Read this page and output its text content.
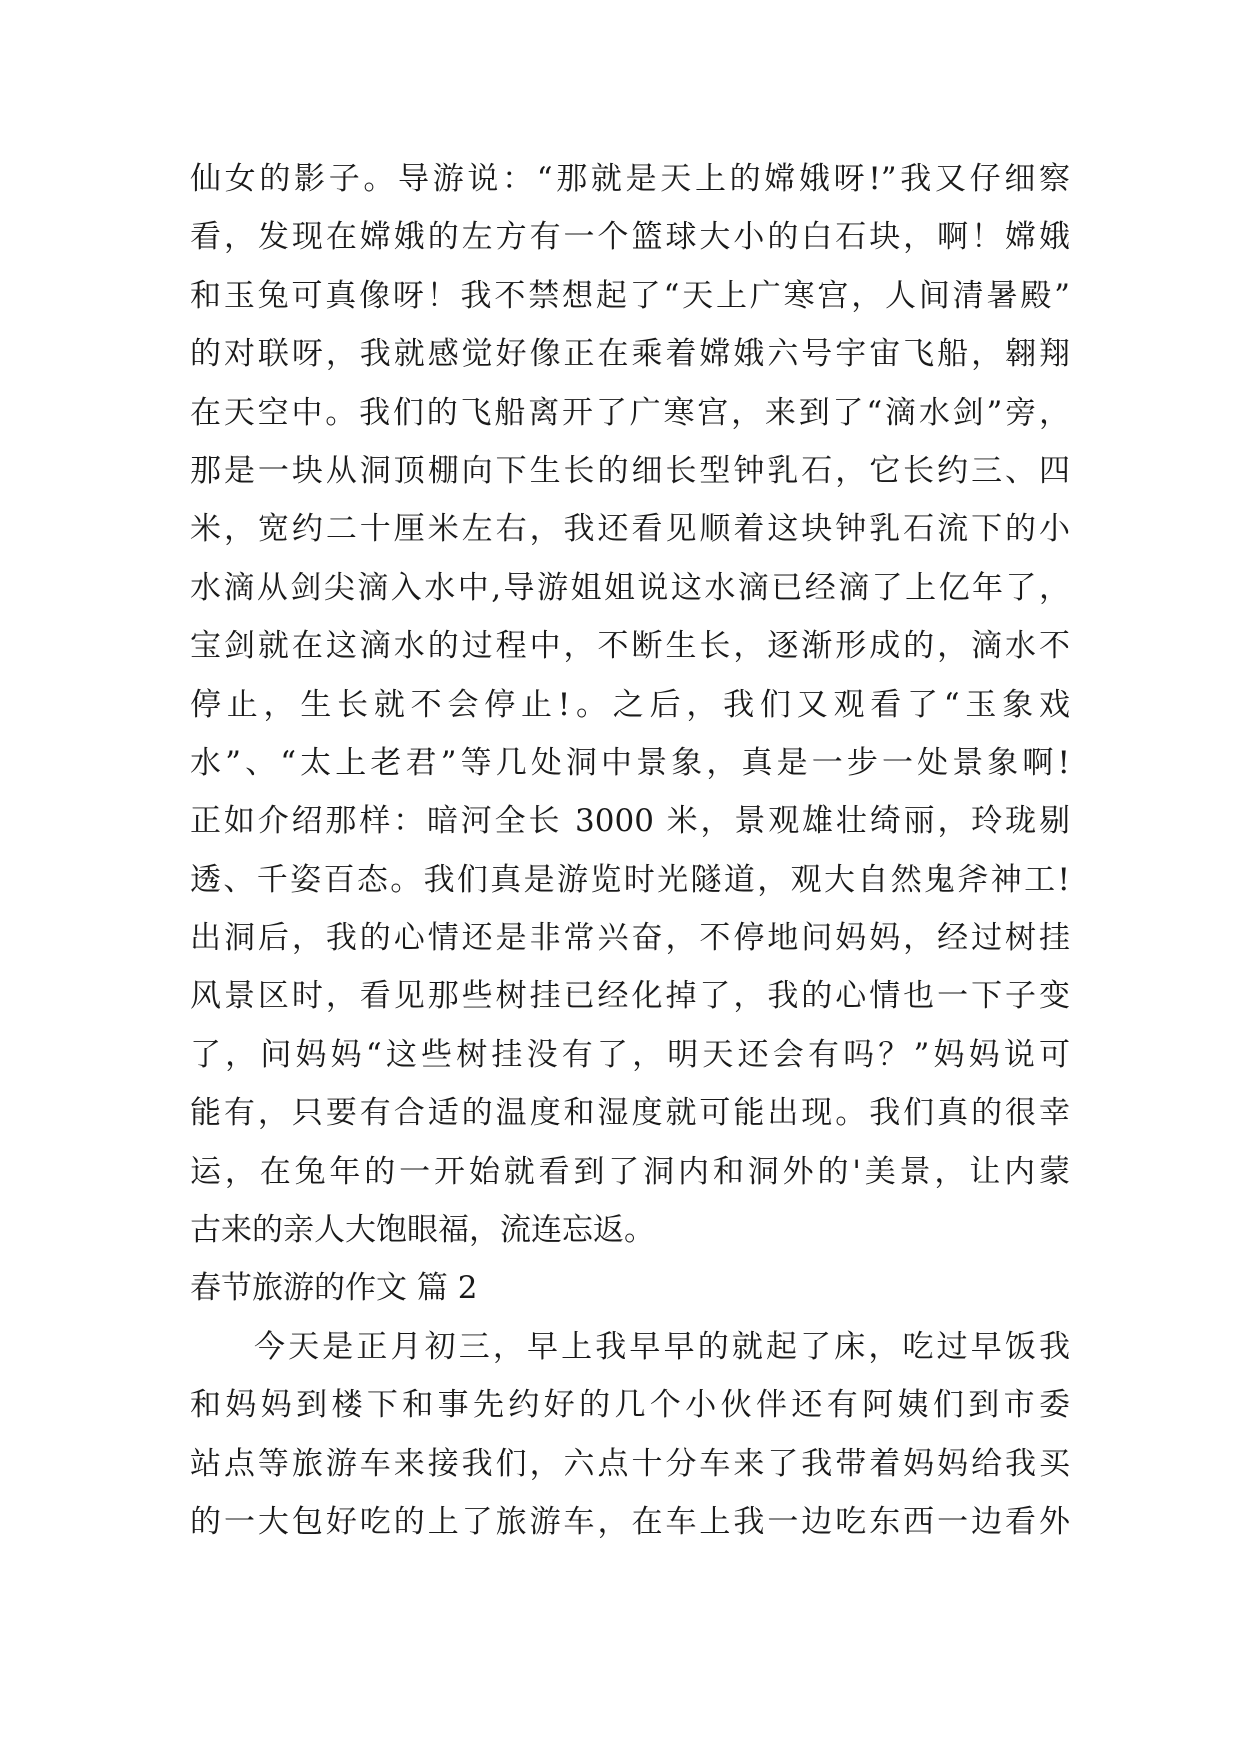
仙女的影子。导游说：“那就是天上的嫦娥呀!”我又仔细察
看，发现在嫦娥的左方有一个篮球大小的白石块，啊！嫦娥
和玉兔可真像呀！我不禁想起了“天上广寒宫，人间清暑殿”
的对联呀，我就感觉好像正在乘着嫦娥六号宇宙飞船，翱翔
在天空中。我们的飞船离开了广寒宫，来到了“滴水剑”旁，
那是一块从洞顶棚向下生长的细长型钟乳石，它长约三、四
米，宽约二十厘米左右，我还看见顺着这块钟乳石流下的小
水滴从剑尖滴入水中,导游姐姐说这水滴已经滴了上亿年了，
宝剑就在这滴水的过程中，不断生长，逐渐形成的，滴水不
停止，生长就不会停止!。之后，我们又观看了“玉象戏
水”、“太上老君”等几处洞中景象，真是一步一处景象啊!
正如介绍那样：暗河全长 3000 米，景观雄壮绮丽，玲珑剔
透、千姿百态。我们真是游览时光隧道，观大自然鬼斧神工!
出洞后，我的心情还是非常兴奋，不停地问妈妈，经过树挂
风景区时，看见那些树挂已经化掉了，我的心情也一下子变
了，问妈妈“这些树挂没有了，明天还会有吗？”妈妈说可
能有，只要有合适的温度和湿度就可能出现。我们真的很幸
运，在兔年的一开始就看到了洞内和洞外的'美景，让内蒙
古来的亲人大饱眼福，流连忘返。
春节旅游的作文 篇 2
今天是正月初三，早上我早早的就起了床，吃过早饭我
和妈妈到楼下和事先约好的几个小伙伴还有阿姨们到市委
站点等旅游车来接我们，六点十分车来了我带着妈妈给我买
的一大包好吃的上了旅游车，在车上我一边吃东西一边看外
